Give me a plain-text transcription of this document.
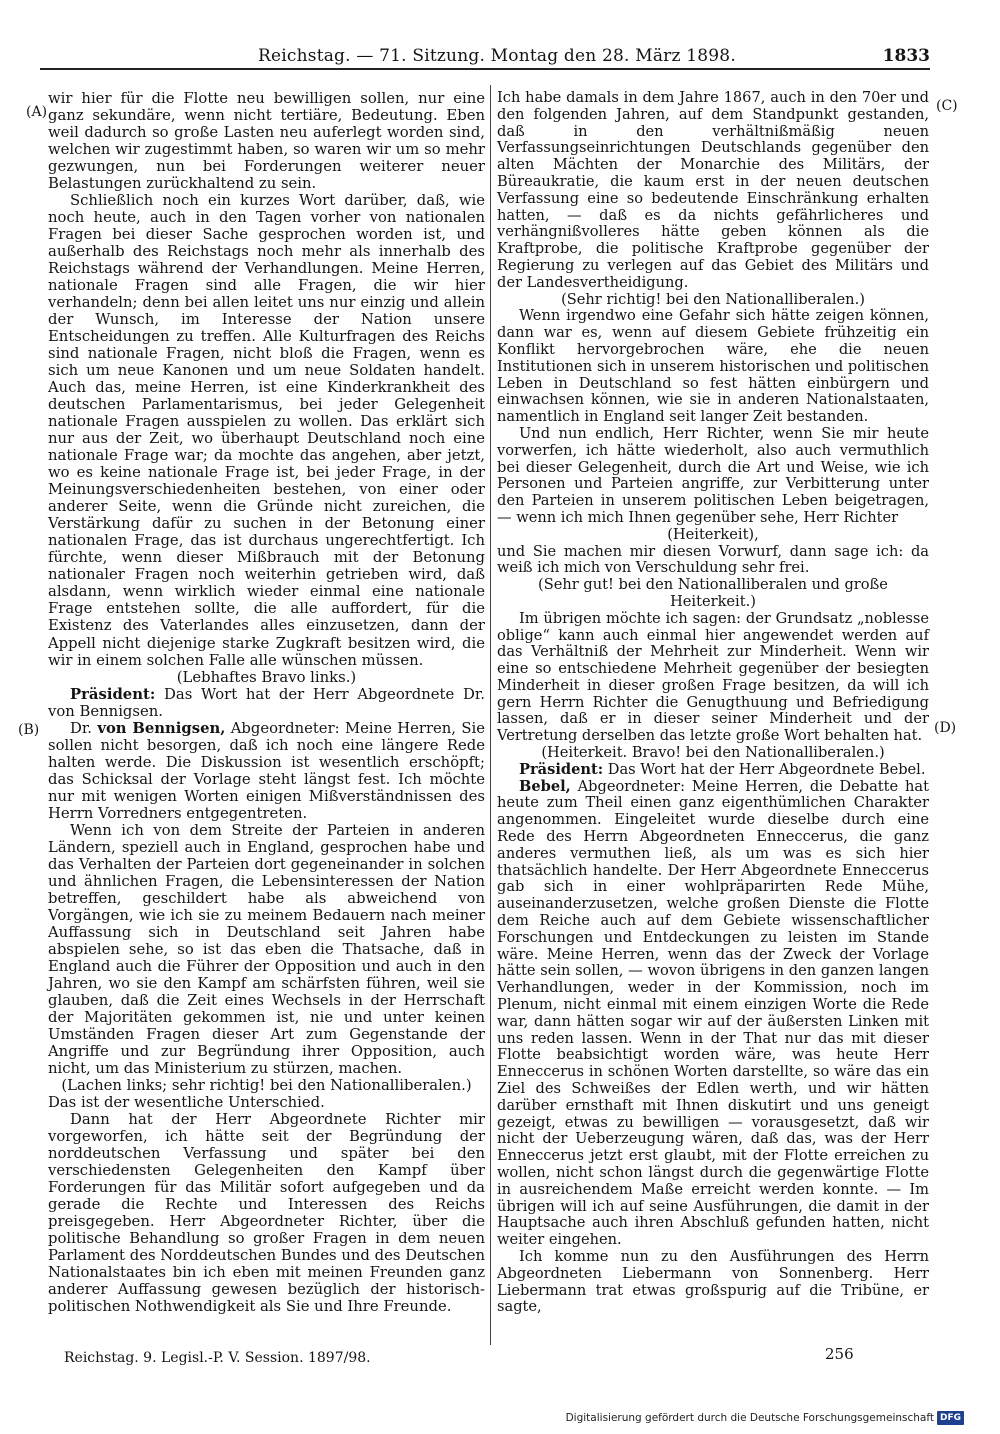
Reichstag. — 71. Sitzung. Montag den 28. März 1898.	1833
(A)
(B)
(C)
(D)

wir hier für die Flotte neu bewilligen sollen, nur eine ganz sekundäre, wenn nicht tertiäre, Bedeutung. Eben weil dadurch so große Lasten neu auferlegt worden sind, welchen wir zugestimmt haben, so waren wir um so mehr gezwungen, nun bei Forderungen weiterer neuer Belastungen zurückhaltend zu sein.

Schließlich noch ein kurzes Wort darüber, daß, wie noch heute, auch in den Tagen vorher von nationalen Fragen bei dieser Sache gesprochen worden ist, und außerhalb des Reichstags noch mehr als innerhalb des Reichstags während der Verhandlungen. Meine Herren, nationale Fragen sind alle Fragen, die wir hier verhandeln; denn bei allen leitet uns nur einzig und allein der Wunsch, im Interesse der Nation unsere Entscheidungen zu treffen. Alle Kulturfragen des Reichs sind nationale Fragen, nicht bloß die Fragen, wenn es sich um neue Kanonen und um neue Soldaten handelt. Auch das, meine Herren, ist eine Kinderkrankheit des deutschen Parlamentarismus, bei jeder Gelegenheit nationale Fragen ausspielen zu wollen. Das erklärt sich nur aus der Zeit, wo überhaupt Deutschland noch eine nationale Frage war; da mochte das angehen, aber jetzt, wo es keine nationale Frage ist, bei jeder Frage, in der Meinungsverschiedenheiten bestehen, von einer oder anderer Seite, wenn die Gründe nicht zureichen, die Verstärkung dafür zu suchen in der Betonung einer nationalen Frage, das ist durchaus ungerechtfertigt. Ich fürchte, wenn dieser Mißbrauch mit der Betonung nationaler Fragen noch weiterhin getrieben wird, daß alsdann, wenn wirklich wieder einmal eine nationale Frage entstehen sollte, die alle auffordert, für die Existenz des Vaterlandes alles einzusetzen, dann der Appell nicht diejenige starke Zugkraft besitzen wird, die wir in einem solchen Falle alle wünschen müssen.

(Lebhaftes Bravo links.)

Präsident: Das Wort hat der Herr Abgeordnete Dr. von Bennigsen.

Dr. von Bennigsen, Abgeordneter: Meine Herren, Sie sollen nicht besorgen, daß ich noch eine längere Rede halten werde. Die Diskussion ist wesentlich erschöpft; das Schicksal der Vorlage steht längst fest. Ich möchte nur mit wenigen Worten einigen Mißverständnissen des Herrn Vorredners entgegentreten.

Wenn ich von dem Streite der Parteien in anderen Ländern, speziell auch in England, gesprochen habe und das Verhalten der Parteien dort gegeneinander in solchen und ähnlichen Fragen, die Lebensinteressen der Nation betreffen, geschildert habe als abweichend von Vorgängen, wie ich sie zu meinem Bedauern nach meiner Auffassung sich in Deutschland seit Jahren habe abspielen sehe, so ist das eben die Thatsache, daß in England auch die Führer der Opposition und auch in den Jahren, wo sie den Kampf am schärfsten führen, weil sie glauben, daß die Zeit eines Wechsels in der Herrschaft der Majoritäten gekommen ist, nie und unter keinen Umständen Fragen dieser Art zum Gegenstande der Angriffe und zur Begründung ihrer Opposition, auch nicht, um das Ministerium zu stürzen, machen.

(Lachen links; sehr richtig! bei den Nationalliberalen.)

Das ist der wesentliche Unterschied.

Dann hat der Herr Abgeordnete Richter mir vorgeworfen, ich hätte seit der Begründung der norddeutschen Verfassung und später bei den verschiedensten Gelegenheiten den Kampf über Forderungen für das Militär sofort aufgegeben und da gerade die Rechte und Interessen des Reichs preisgegeben. Herr Abgeordneter Richter, über die politische Behandlung so großer Fragen in dem neuen Parlament des Norddeutschen Bundes und des Deutschen Nationalstaates bin ich eben mit meinen Freunden ganz anderer Auffassung gewesen bezüglich der historisch-politischen Nothwendigkeit als Sie und Ihre Freunde.

Ich habe damals in dem Jahre 1867, auch in den 70er und den folgenden Jahren, auf dem Standpunkt gestanden, daß in den verhältnißmäßig neuen Verfassungseinrichtungen Deutschlands gegenüber den alten Mächten der Monarchie des Militärs, der Büreaukratie, die kaum erst in der neuen deutschen Verfassung eine so bedeutende Einschränkung erhalten hatten, — daß es da nichts gefährlicheres und verhängnißvolleres hätte geben können als die Kraftprobe, die politische Kraftprobe gegenüber der Regierung zu verlegen auf das Gebiet des Militärs und der Landesvertheidigung.

(Sehr richtig! bei den Nationalliberalen.)

Wenn irgendwo eine Gefahr sich hätte zeigen können, dann war es, wenn auf diesem Gebiete frühzeitig ein Konflikt hervorgebrochen wäre, ehe die neuen Institutionen sich in unserem historischen und politischen Leben in Deutschland so fest hätten einbürgern und einwachsen können, wie sie in anderen Nationalstaaten, namentlich in England seit langer Zeit bestanden.

Und nun endlich, Herr Richter, wenn Sie mir heute vorwerfen, ich hätte wiederholt, also auch vermuthlich bei dieser Gelegenheit, durch die Art und Weise, wie ich Personen und Parteien angriffe, zur Verbitterung unter den Parteien in unserem politischen Leben beigetragen, — wenn ich mich Ihnen gegenüber sehe, Herr Richter

(Heiterkeit),

und Sie machen mir diesen Vorwurf, dann sage ich: da weiß ich mich von Verschuldung sehr frei.

(Sehr gut! bei den Nationalliberalen und große Heiterkeit.)

Im übrigen möchte ich sagen: der Grundsatz „noblesse oblige“ kann auch einmal hier angewendet werden auf das Verhältniß der Mehrheit zur Minderheit. Wenn wir eine so entschiedene Mehrheit gegenüber der besiegten Minderheit in dieser großen Frage besitzen, da will ich gern Herrn Richter die Genugthuung und Befriedigung lassen, daß er in dieser seiner Minderheit und der Vertretung derselben das letzte große Wort behalten hat.

(Heiterkeit. Bravo! bei den Nationalliberalen.)

Präsident: Das Wort hat der Herr Abgeordnete Bebel.

Bebel, Abgeordneter: Meine Herren, die Debatte hat heute zum Theil einen ganz eigenthümlichen Charakter angenommen. Eingeleitet wurde dieselbe durch eine Rede des Herrn Abgeordneten Enneccerus, die ganz anderes vermuthen ließ, als um was es sich hier thatsächlich handelte. Der Herr Abgeordnete Enneccerus gab sich in einer wohlpräparirten Rede Mühe, auseinanderzusetzen, welche großen Dienste die Flotte dem Reiche auch auf dem Gebiete wissenschaftlicher Forschungen und Entdeckungen zu leisten im Stande wäre. Meine Herren, wenn das der Zweck der Vorlage hätte sein sollen, — wovon übrigens in den ganzen langen Verhandlungen, weder in der Kommission, noch im Plenum, nicht einmal mit einem einzigen Worte die Rede war, dann hätten sogar wir auf der äußersten Linken mit uns reden lassen. Wenn in der That nur das mit dieser Flotte beabsichtigt worden wäre, was heute Herr Enneccerus in schönen Worten darstellte, so wäre das ein Ziel des Schweißes der Edlen werth, und wir hätten darüber ernsthaft mit Ihnen diskutirt und uns geneigt gezeigt, etwas zu bewilligen — vorausgesetzt, daß wir nicht der Ueberzeugung wären, daß das, was der Herr Enneccerus jetzt erst glaubt, mit der Flotte erreichen zu wollen, nicht schon längst durch die gegenwärtige Flotte in ausreichendem Maße erreicht werden konnte. — Im übrigen will ich auf seine Ausführungen, die damit in der Hauptsache auch ihren Abschluß gefunden hatten, nicht weiter eingehen.

Ich komme nun zu den Ausführungen des Herrn Abgeordneten Liebermann von Sonnenberg. Herr Liebermann trat etwas großspurig auf die Tribüne, er sagte,

Reichstag. 9. Legisl.-P. V. Session. 1897/98.	256
Digitalisierung gefördert durch die Deutsche Forschungsgemeinschaft DFG
